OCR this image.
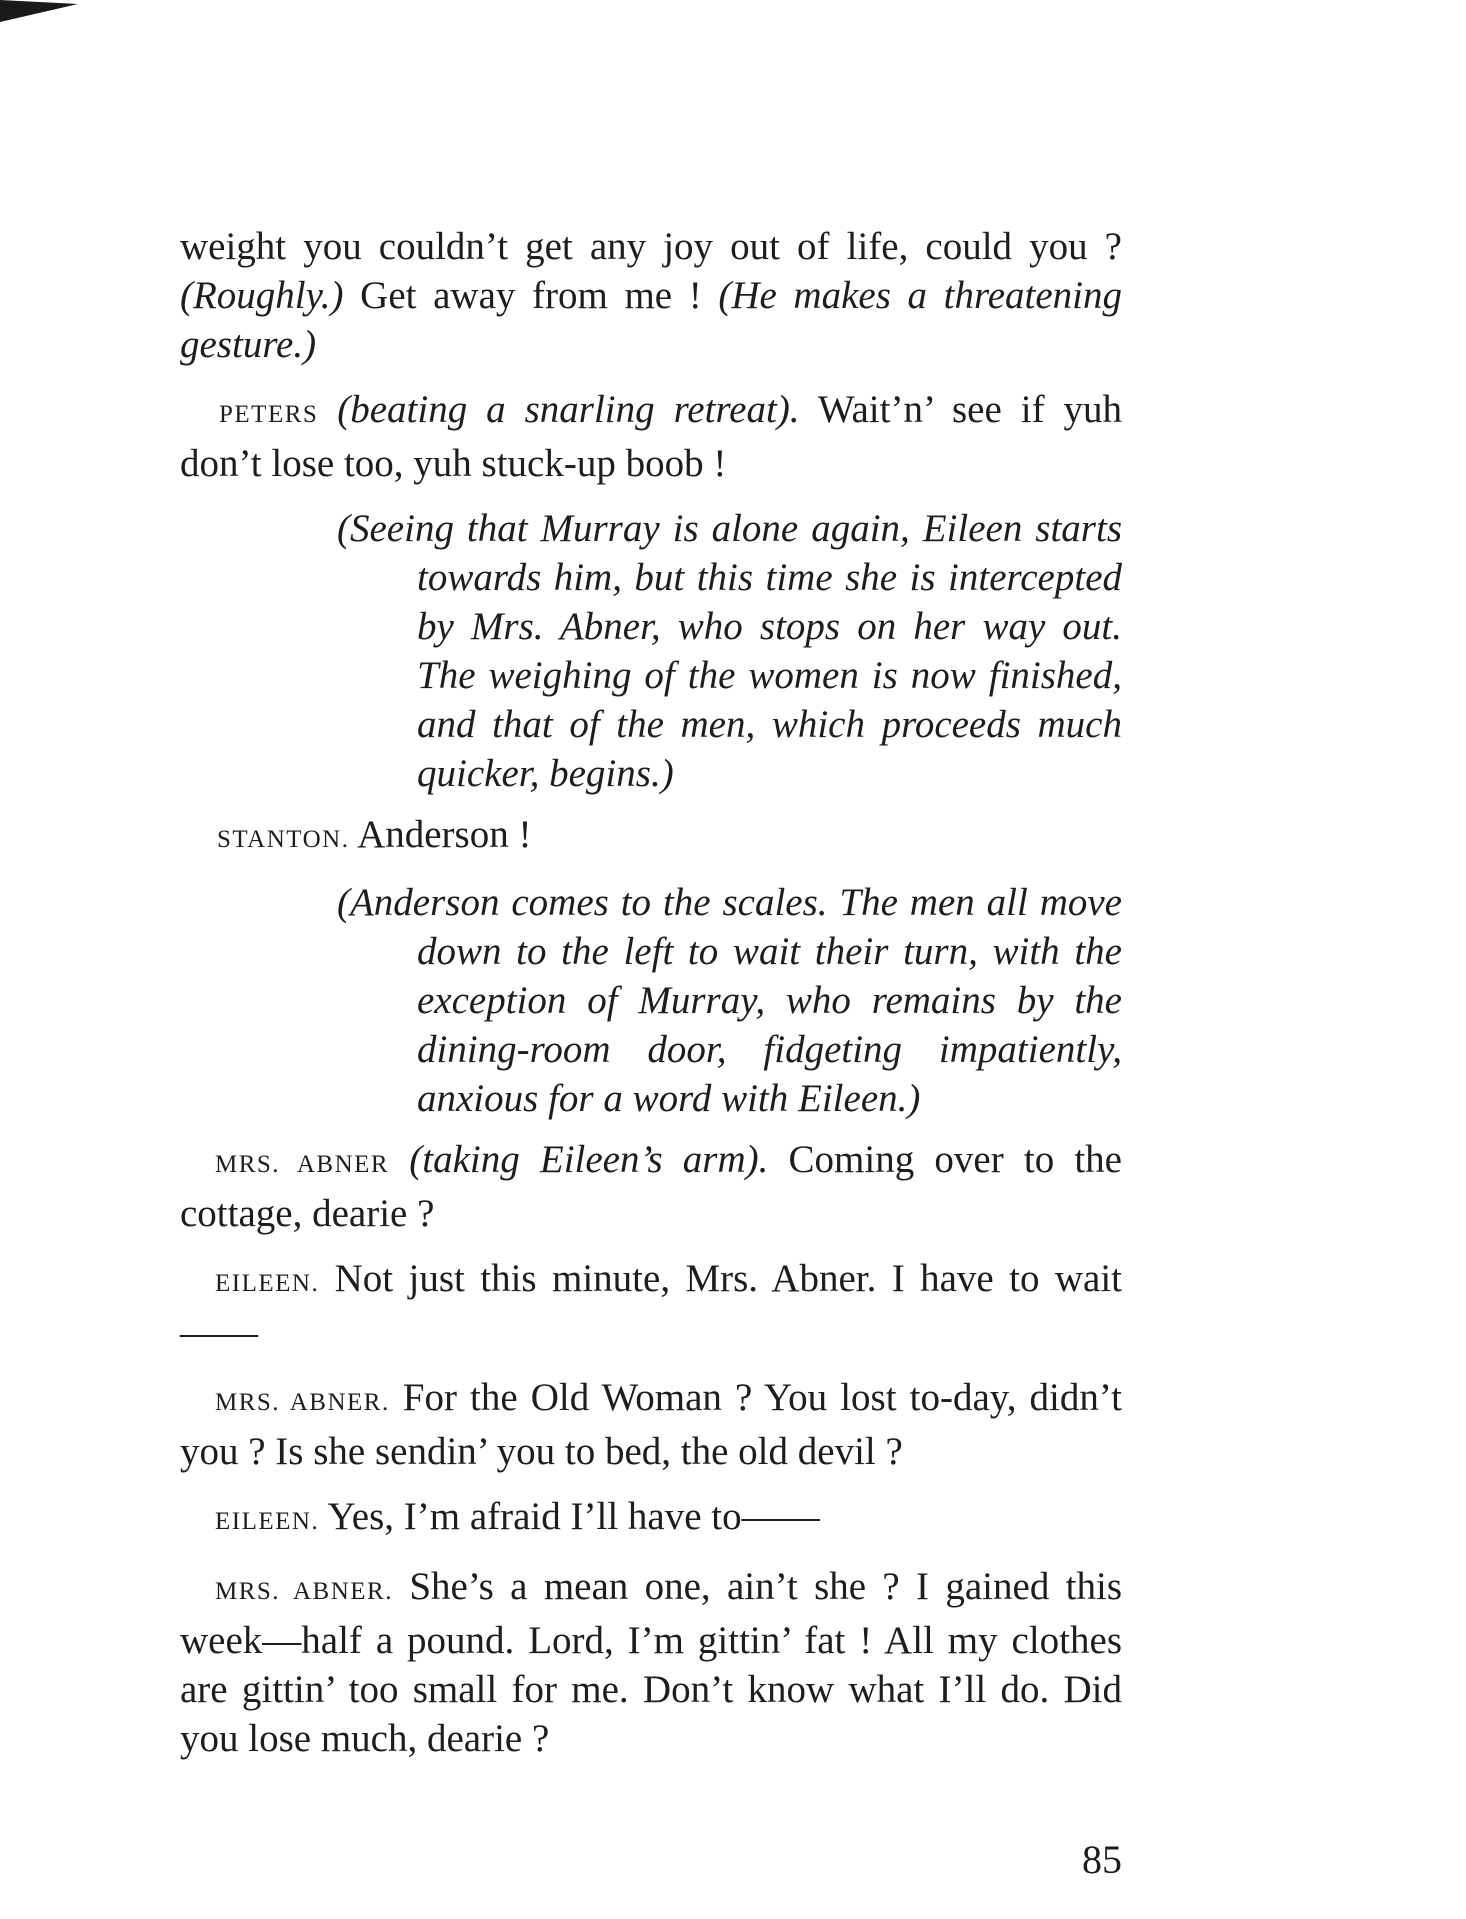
weight you couldn’t get any joy out of life, could you ? (Roughly.) Get away from me ! (He makes a threatening gesture.)

PETERS (beating a snarling retreat). Wait’n’ see if yuh don’t lose too, yuh stuck-up boob !

(Seeing that Murray is alone again, Eileen starts towards him, but this time she is intercepted by Mrs. Abner, who stops on her way out. The weighing of the women is now finished, and that of the men, which proceeds much quicker, begins.)

STANTON. Anderson !

(Anderson comes to the scales. The men all move down to the left to wait their turn, with the exception of Murray, who remains by the dining-room door, fidgeting impatiently, anxious for a word with Eileen.)

MRS. ABNER (taking Eileen’s arm). Coming over to the cottage, dearie ?

EILEEN. Not just this minute, Mrs. Abner. I have to wait——

MRS. ABNER. For the Old Woman ? You lost to-day, didn’t you ? Is she sendin’ you to bed, the old devil ?

EILEEN. Yes, I’m afraid I’ll have to——

MRS. ABNER. She’s a mean one, ain’t she ? I gained this week—half a pound. Lord, I’m gittin’ fat ! All my clothes are gittin’ too small for me. Don’t know what I’ll do. Did you lose much, dearie ?

85
